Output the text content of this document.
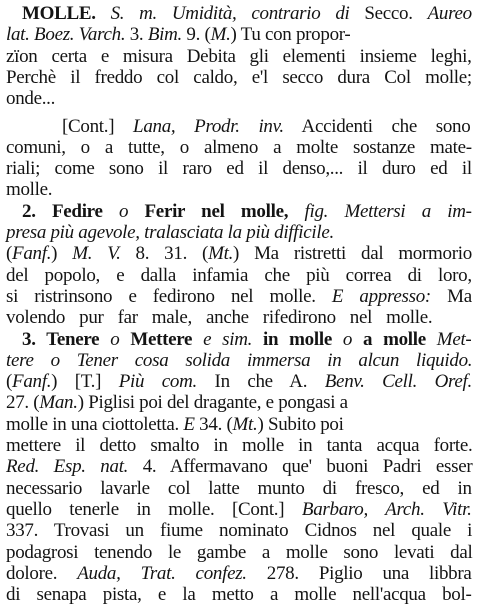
MOLLE. S. m. Umidità, contrario di Secco. Aureo
lat. Boez. Varch. 3. Bim. 9. (M.) Tu con propor-
zïon certa e misura Debita gli elementi insieme leghi,
Perchè il freddo col caldo, e'l secco dura Col molle;
onde...
[Cont.] Lana, Prodr. inv. Accidenti che sono
comuni, o a tutte, o almeno a molte sostanze mate-
riali; come sono il raro ed il denso,... il duro ed il
molle.
2. Fedire o Ferir nel molle, fig. Mettersi a im-
presa più agevole, tralasciata la più difficile.
(Fanf.) M. V. 8. 31. (Mt.) Ma ristretti dal mormorio
del popolo, e dalla infamia che più correa di loro,
si ristrinsono e fedirono nel molle. E appresso: Ma
volendo pur far male, anche rifedirono nel molle.
3. Tenere o Mettere e sim. in molle o a molle Met-
tere o Tener cosa solida immersa in alcun liquido.
(Fanf.) [T.] Più com. In che A. Benv. Cell. Oref.
27. (Man.) Piglisi poi del dragante, e pongasi a
molle in una ciottoletta. E 34. (Mt.) Subito poi
mettere il detto smalto in molle in tanta acqua forte.
Red. Esp. nat. 4. Affermavano que' buoni Padri esser
necessario lavarle col latte munto di fresco, ed in
quello tenerle in molle. [Cont.] Barbaro, Arch. Vitr.
337. Trovasi un fiume nominato Cidnos nel quale i
podagrosi tenendo le gambe a molle sono levati dal
dolore. Auda, Trat. confez. 278. Piglio una libbra
di senapa pista, e la metto a molle nell'acqua bol-
